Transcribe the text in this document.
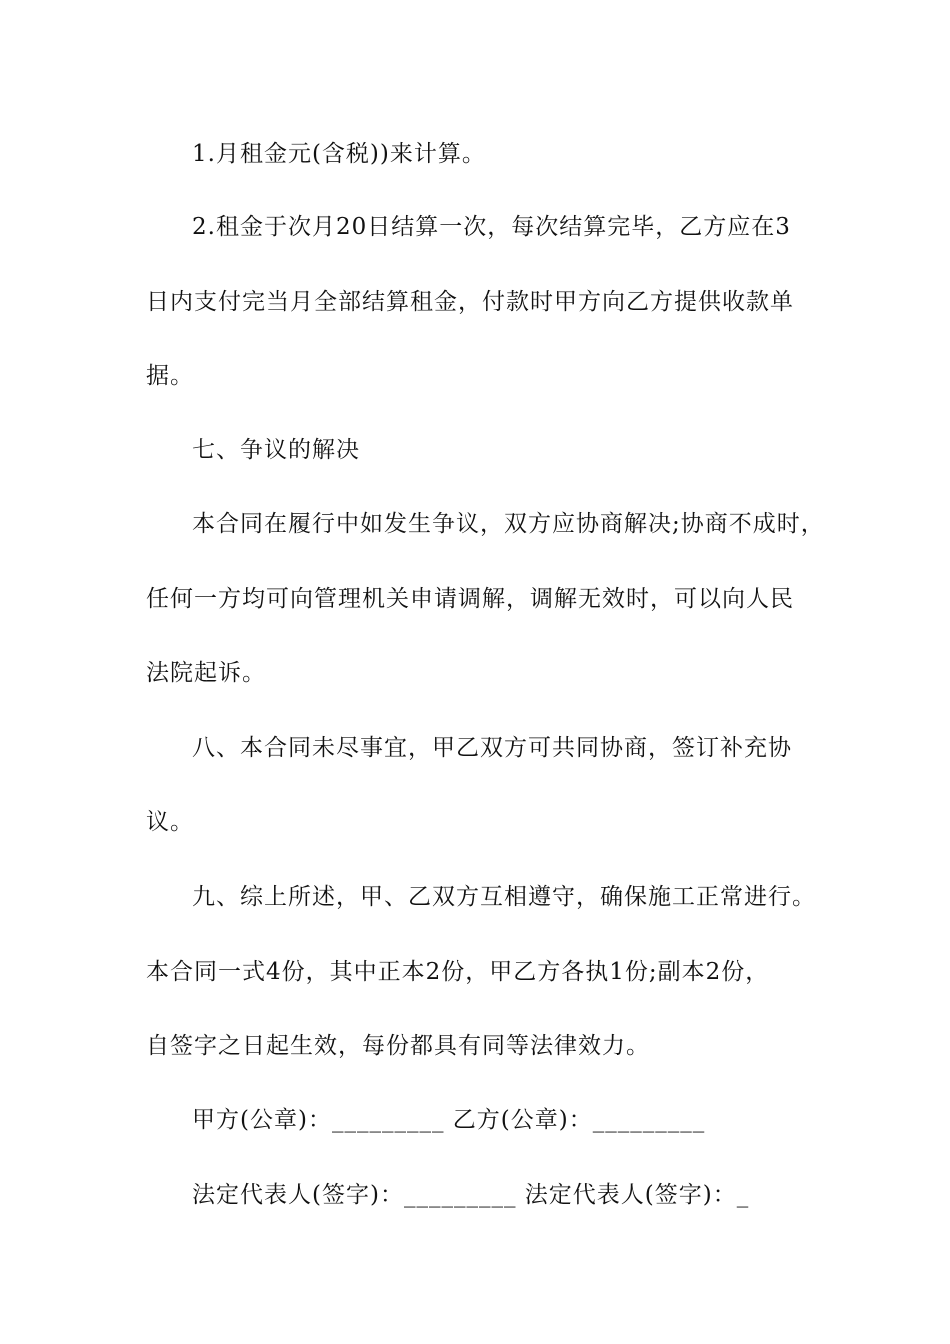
1.月租金元(含税))来计算。
2.租金于次月20日结算一次，每次结算完毕，乙方应在3
日内支付完当月全部结算租金，付款时甲方向乙方提供收款单
据。
七、争议的解决
本合同在履行中如发生争议，双方应协商解决;协商不成时，
任何一方均可向管理机关申请调解，调解无效时，可以向人民
法院起诉。
八、本合同未尽事宜，甲乙双方可共同协商，签订补充协
议。
九、综上所述，甲、乙双方互相遵守，确保施工正常进行。
本合同一式4份，其中正本2份，甲乙方各执1份;副本2份，
自签字之日起生效，每份都具有同等法律效力。
甲方(公章)：_________ 乙方(公章)：_________
法定代表人(签字)：_________ 法定代表人(签字)：_
